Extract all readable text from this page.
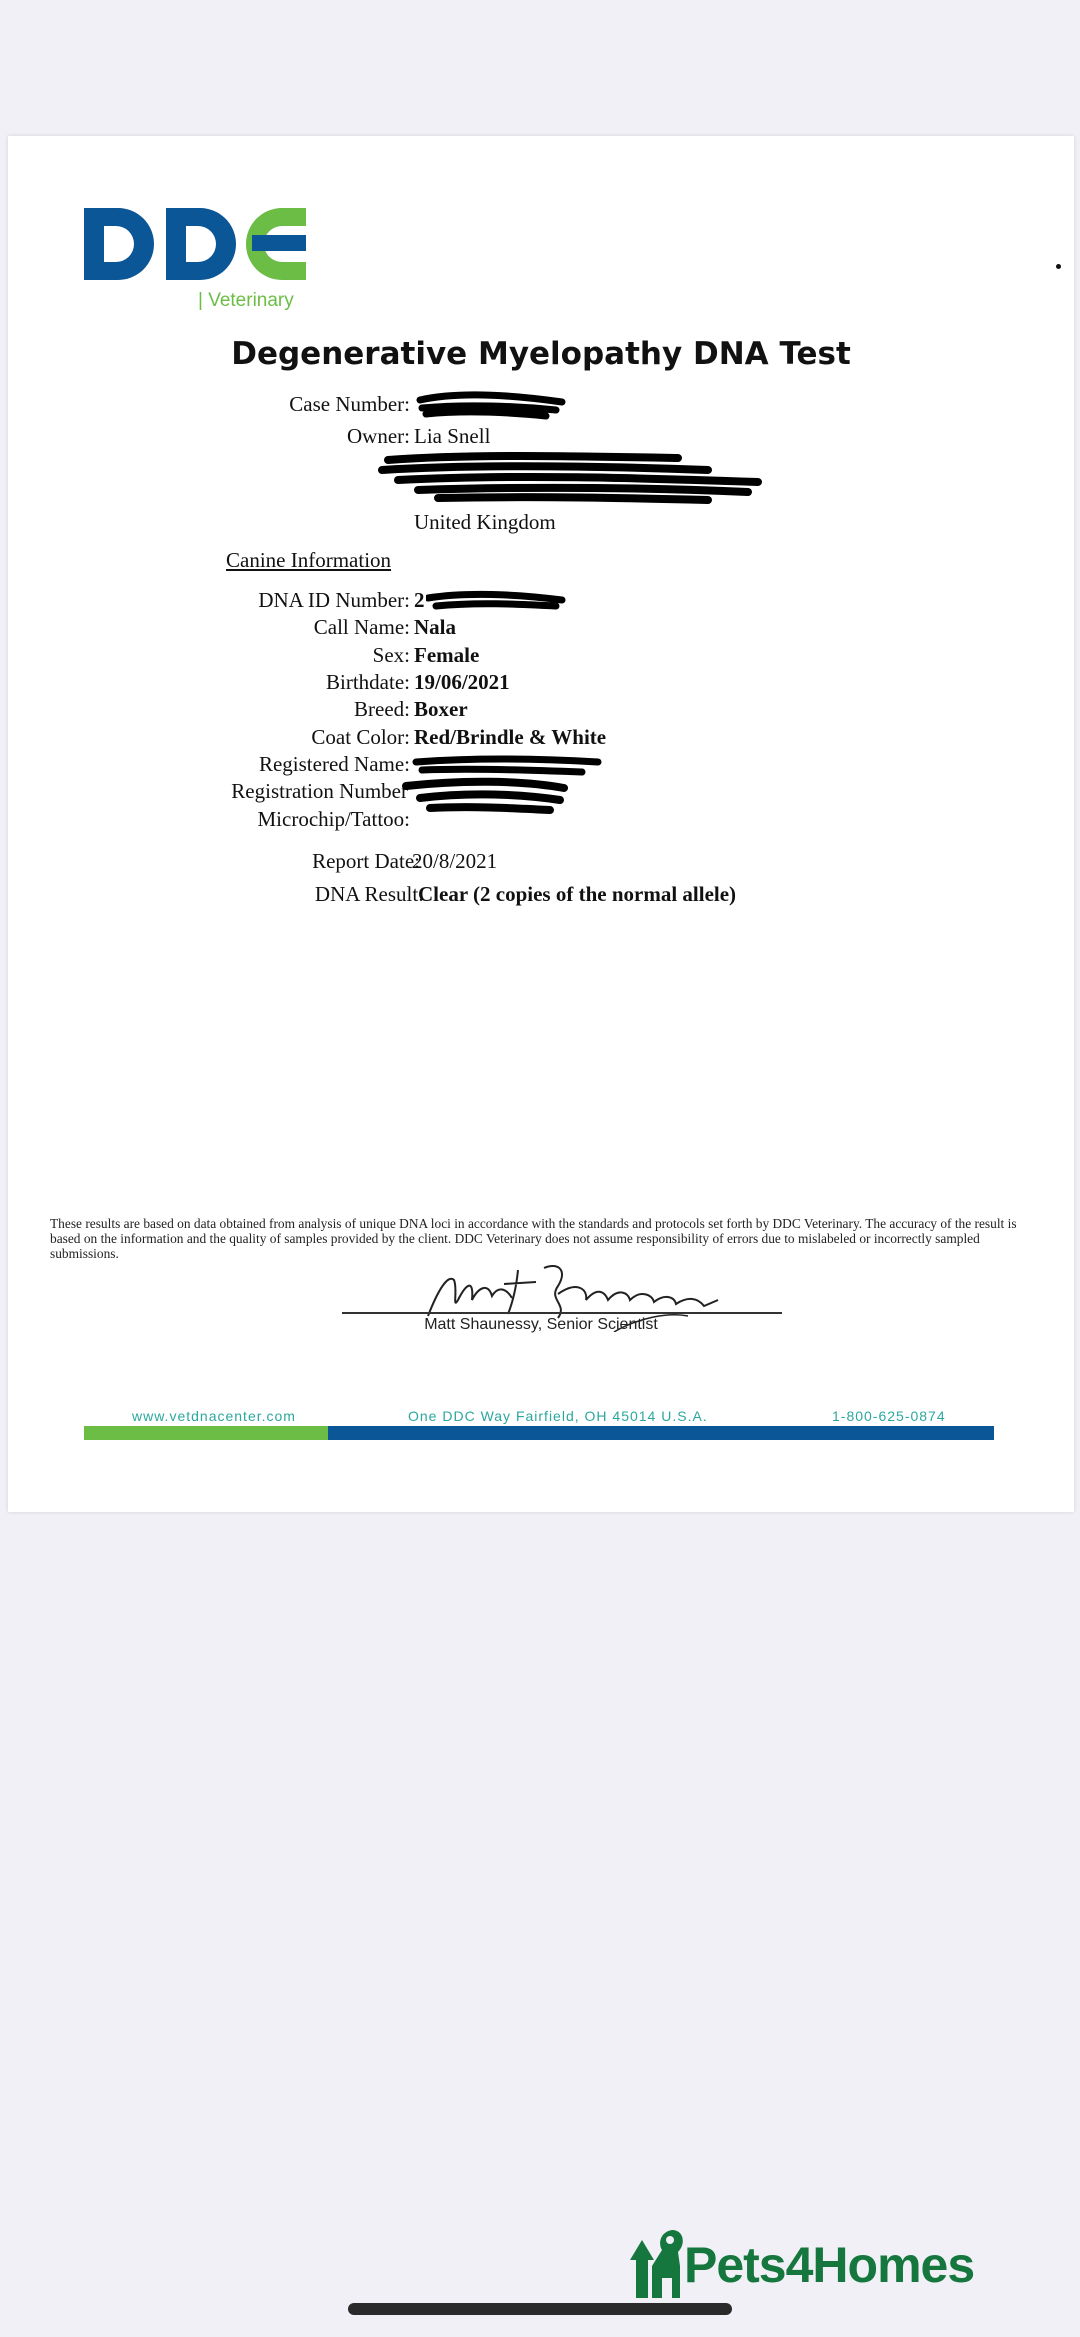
| Veterinary
Degenerative Myelopathy DNA Test
Case Number:
Owner: Lia Snell
United Kingdom
Canine Information
DNA ID Number: 2
Call Name: Nala
Sex: Female
Birthdate: 19/06/2021
Breed: Boxer
Coat Color: Red/Brindle & White
Registered Name:
Registration Number
Microchip/Tattoo:
Report Date:
20/8/2021
DNA Result:
Clear (2 copies of the normal allele)
These results are based on data obtained from analysis of unique DNA loci in accordance with the standards and protocols set forth by DDC Veterinary. The accuracy of the result is based on the information and the quality of samples provided by the client. DDC Veterinary does not assume responsibility of errors due to mislabeled or incorrectly sampled submissions.
Matt Shaunessy, Senior Scientist
www.vetdnacenter.com	One DDC Way Fairfield, OH 45014 U.S.A.	1-800-625-0874
Pets4Homes
